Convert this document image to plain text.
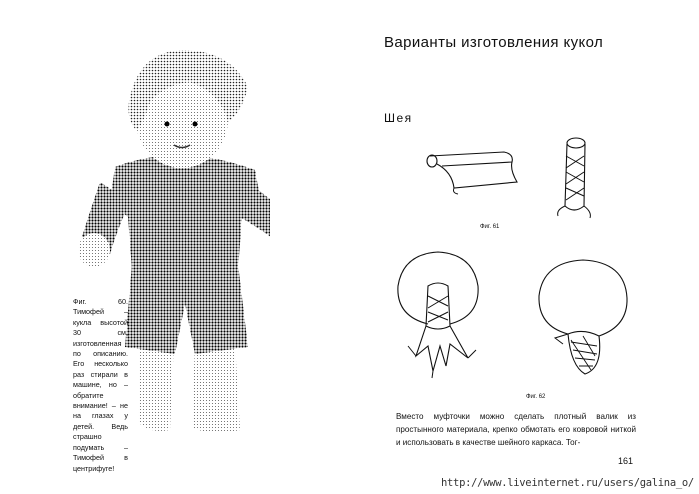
Фиг. 60. Тимофей – кукла высотой 30 см, изготовленная по описанию. Его несколько раз стирали в машине, но – обратите внимание! – не на глазах у детей. Ведь страшно подумать – Тимофей в центрифуге!
Варианты изготовления кукол
Шея
Фиг. 61
Фиг. 62
Вместо муфточки можно сделать плотный валик из простынного материала, крепко обмотать его ковровой ниткой и использовать в качестве шейного каркаса. Тог-
161
http://www.liveinternet.ru/users/galina_o/
